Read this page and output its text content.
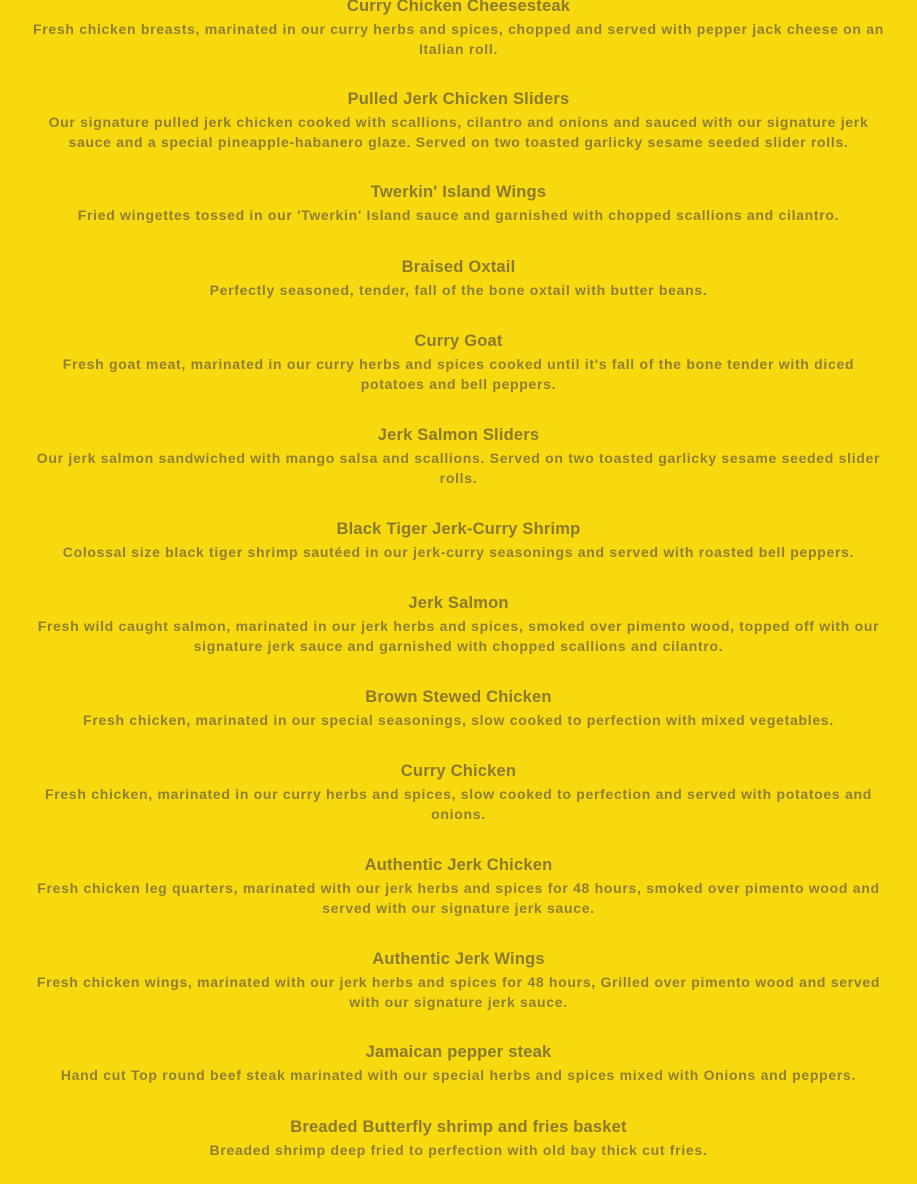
Curry Chicken Cheesesteak
Fresh chicken breasts, marinated in our curry herbs and spices, chopped and served with pepper jack cheese on an Italian roll.
Pulled Jerk Chicken Sliders
Our signature pulled jerk chicken cooked with scallions, cilantro and onions and sauced with our signature jerk sauce and a special pineapple-habanero glaze. Served on two toasted garlicky sesame seeded slider rolls.
Twerkin' Island Wings
Fried wingettes tossed in our 'Twerkin' Island sauce and garnished with chopped scallions and cilantro.
Braised Oxtail
Perfectly seasoned, tender, fall of the bone oxtail with butter beans.
Curry Goat
Fresh goat meat, marinated in our curry herbs and spices cooked until it's fall of the bone tender with diced potatoes and bell peppers.
Jerk Salmon Sliders
Our jerk salmon sandwiched with mango salsa and scallions. Served on two toasted garlicky sesame seeded slider rolls.
Black Tiger Jerk-Curry Shrimp
Colossal size black tiger shrimp sautéed in our jerk-curry seasonings and served with roasted bell peppers.
Jerk Salmon
Fresh wild caught salmon, marinated in our jerk herbs and spices, smoked over pimento wood, topped off with our signature jerk sauce and garnished with chopped scallions and cilantro.
Brown Stewed Chicken
Fresh chicken, marinated in our special seasonings, slow cooked to perfection with mixed vegetables.
Curry Chicken
Fresh chicken, marinated in our curry herbs and spices, slow cooked to perfection and served with potatoes and onions.
Authentic Jerk Chicken
Fresh chicken leg quarters, marinated with our jerk herbs and spices for 48 hours, smoked over pimento wood and served with our signature jerk sauce.
Authentic Jerk Wings
Fresh chicken wings, marinated with our jerk herbs and spices for 48 hours, Grilled over pimento wood and served with our signature jerk sauce.
Jamaican pepper steak
Hand cut Top round beef steak marinated with our special herbs and spices mixed with Onions and peppers.
Breaded Butterfly shrimp and fries basket
Breaded shrimp deep fried to perfection with old bay thick cut fries.
